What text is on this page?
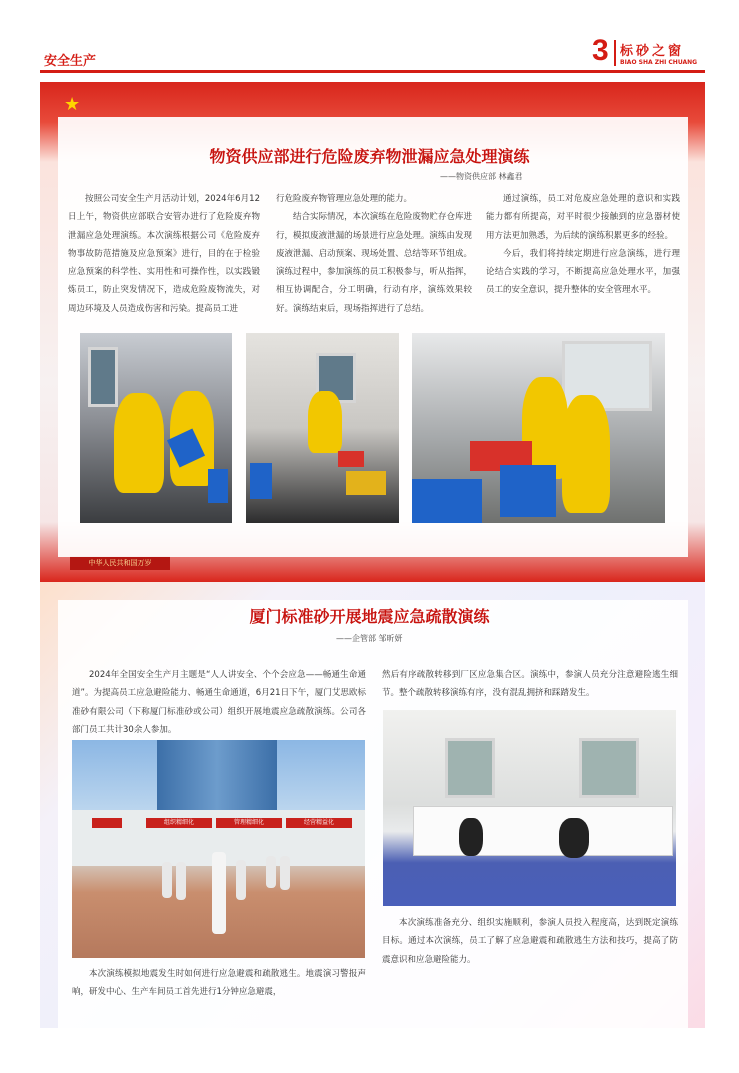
安全生产	3 标砂之窗
BIAO SHA ZHI CHUANG
★
中华人民共和国万岁
物资供应部进行危险废弃物泄漏应急处理演练
——物资供应部 林鑫君

按照公司安全生产月活动计划，2024年6月12日上午，物资供应部联合安管办进行了危险废弃物泄漏应急处理演练。本次演练根据公司《危险废弃物事故防范措施及应急预案》进行，目的在于检验应急预案的科学性、实用性和可操作性，以实践锻炼员工，防止突发情况下，造成危险废物流失，对周边环境及人员造成伤害和污染。提高员工进

行危险废弃物管理应急处理的能力。

结合实际情况，本次演练在危险废物贮存仓库进行，模拟废液泄漏的场景进行应急处理。演练由发现废液泄漏、启动预案、现场处置、总结等环节组成。演练过程中，参加演练的员工积极参与，听从指挥，相互协调配合，分工明确，行动有序，演练效果较好。演练结束后，现场指挥进行了总结。

通过演练，员工对危废应急处理的意识和实践能力都有所提高，对平时很少接触到的应急器材使用方法更加熟悉，为后续的演练积累更多的经验。

今后，我们将持续定期进行应急演练，进行理论结合实践的学习，不断提高应急处理水平，加强员工的安全意识，提升整体的安全管理水平。

厦门标准砂开展地震应急疏散演练
——企管部 邹昕妍

2024年全国安全生产月主题是“人人讲安全、个个会应急——畅通生命通道”。为提高员工应急避险能力、畅通生命通道，6月21日下午，厦门艾思欧标准砂有限公司（下称厦门标准砂或公司）组织开展地震应急疏散演练。公司各部门员工共计30余人参加。

本次演练模拟地震发生时如何进行应急避震和疏散逃生。地震演习警报声响，研发中心、生产车间员工首先进行1分钟应急避震，

然后有序疏散转移到厂区应急集合区。演练中，参演人员充分注意避险逃生细节。整个疏散转移演练有序，没有混乱拥挤和踩踏发生。

本次演练准备充分、组织实施顺利，参演人员投入程度高，达到既定演练目标。通过本次演练，员工了解了应急避震和疏散逃生方法和技巧，提高了防震意识和应急避险能力。

组织精细化	管理精细化	经营精益化
